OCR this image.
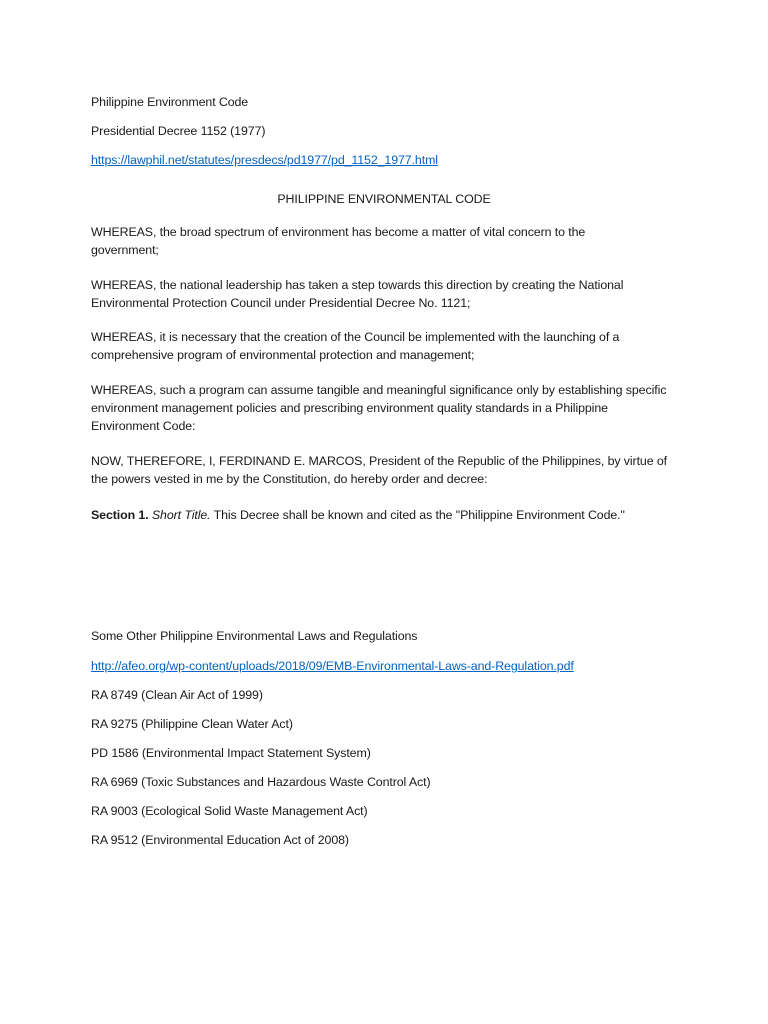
Philippine Environment Code
Presidential Decree 1152 (1977)
https://lawphil.net/statutes/presdecs/pd1977/pd_1152_1977.html
PHILIPPINE ENVIRONMENTAL CODE
WHEREAS, the broad spectrum of environment has become a matter of vital concern to the
government;
WHEREAS, the national leadership has taken a step towards this direction by creating the National
Environmental Protection Council under Presidential Decree No. 1121;
WHEREAS, it is necessary that the creation of the Council be implemented with the launching of a
comprehensive program of environmental protection and management;
WHEREAS, such a program can assume tangible and meaningful significance only by establishing specific
environment management policies and prescribing environment quality standards in a Philippine
Environment Code:
NOW, THEREFORE, I, FERDINAND E. MARCOS, President of the Republic of the Philippines, by virtue of
the powers vested in me by the Constitution, do hereby order and decree:
Section 1. Short Title. This Decree shall be known and cited as the "Philippine Environment Code."
Some Other Philippine Environmental Laws and Regulations
http://afeo.org/wp-content/uploads/2018/09/EMB-Environmental-Laws-and-Regulation.pdf
RA 8749 (Clean Air Act of 1999)
RA 9275 (Philippine Clean Water Act)
PD 1586 (Environmental Impact Statement System)
RA 6969 (Toxic Substances and Hazardous Waste Control Act)
RA 9003 (Ecological Solid Waste Management Act)
RA 9512 (Environmental Education Act of 2008)
